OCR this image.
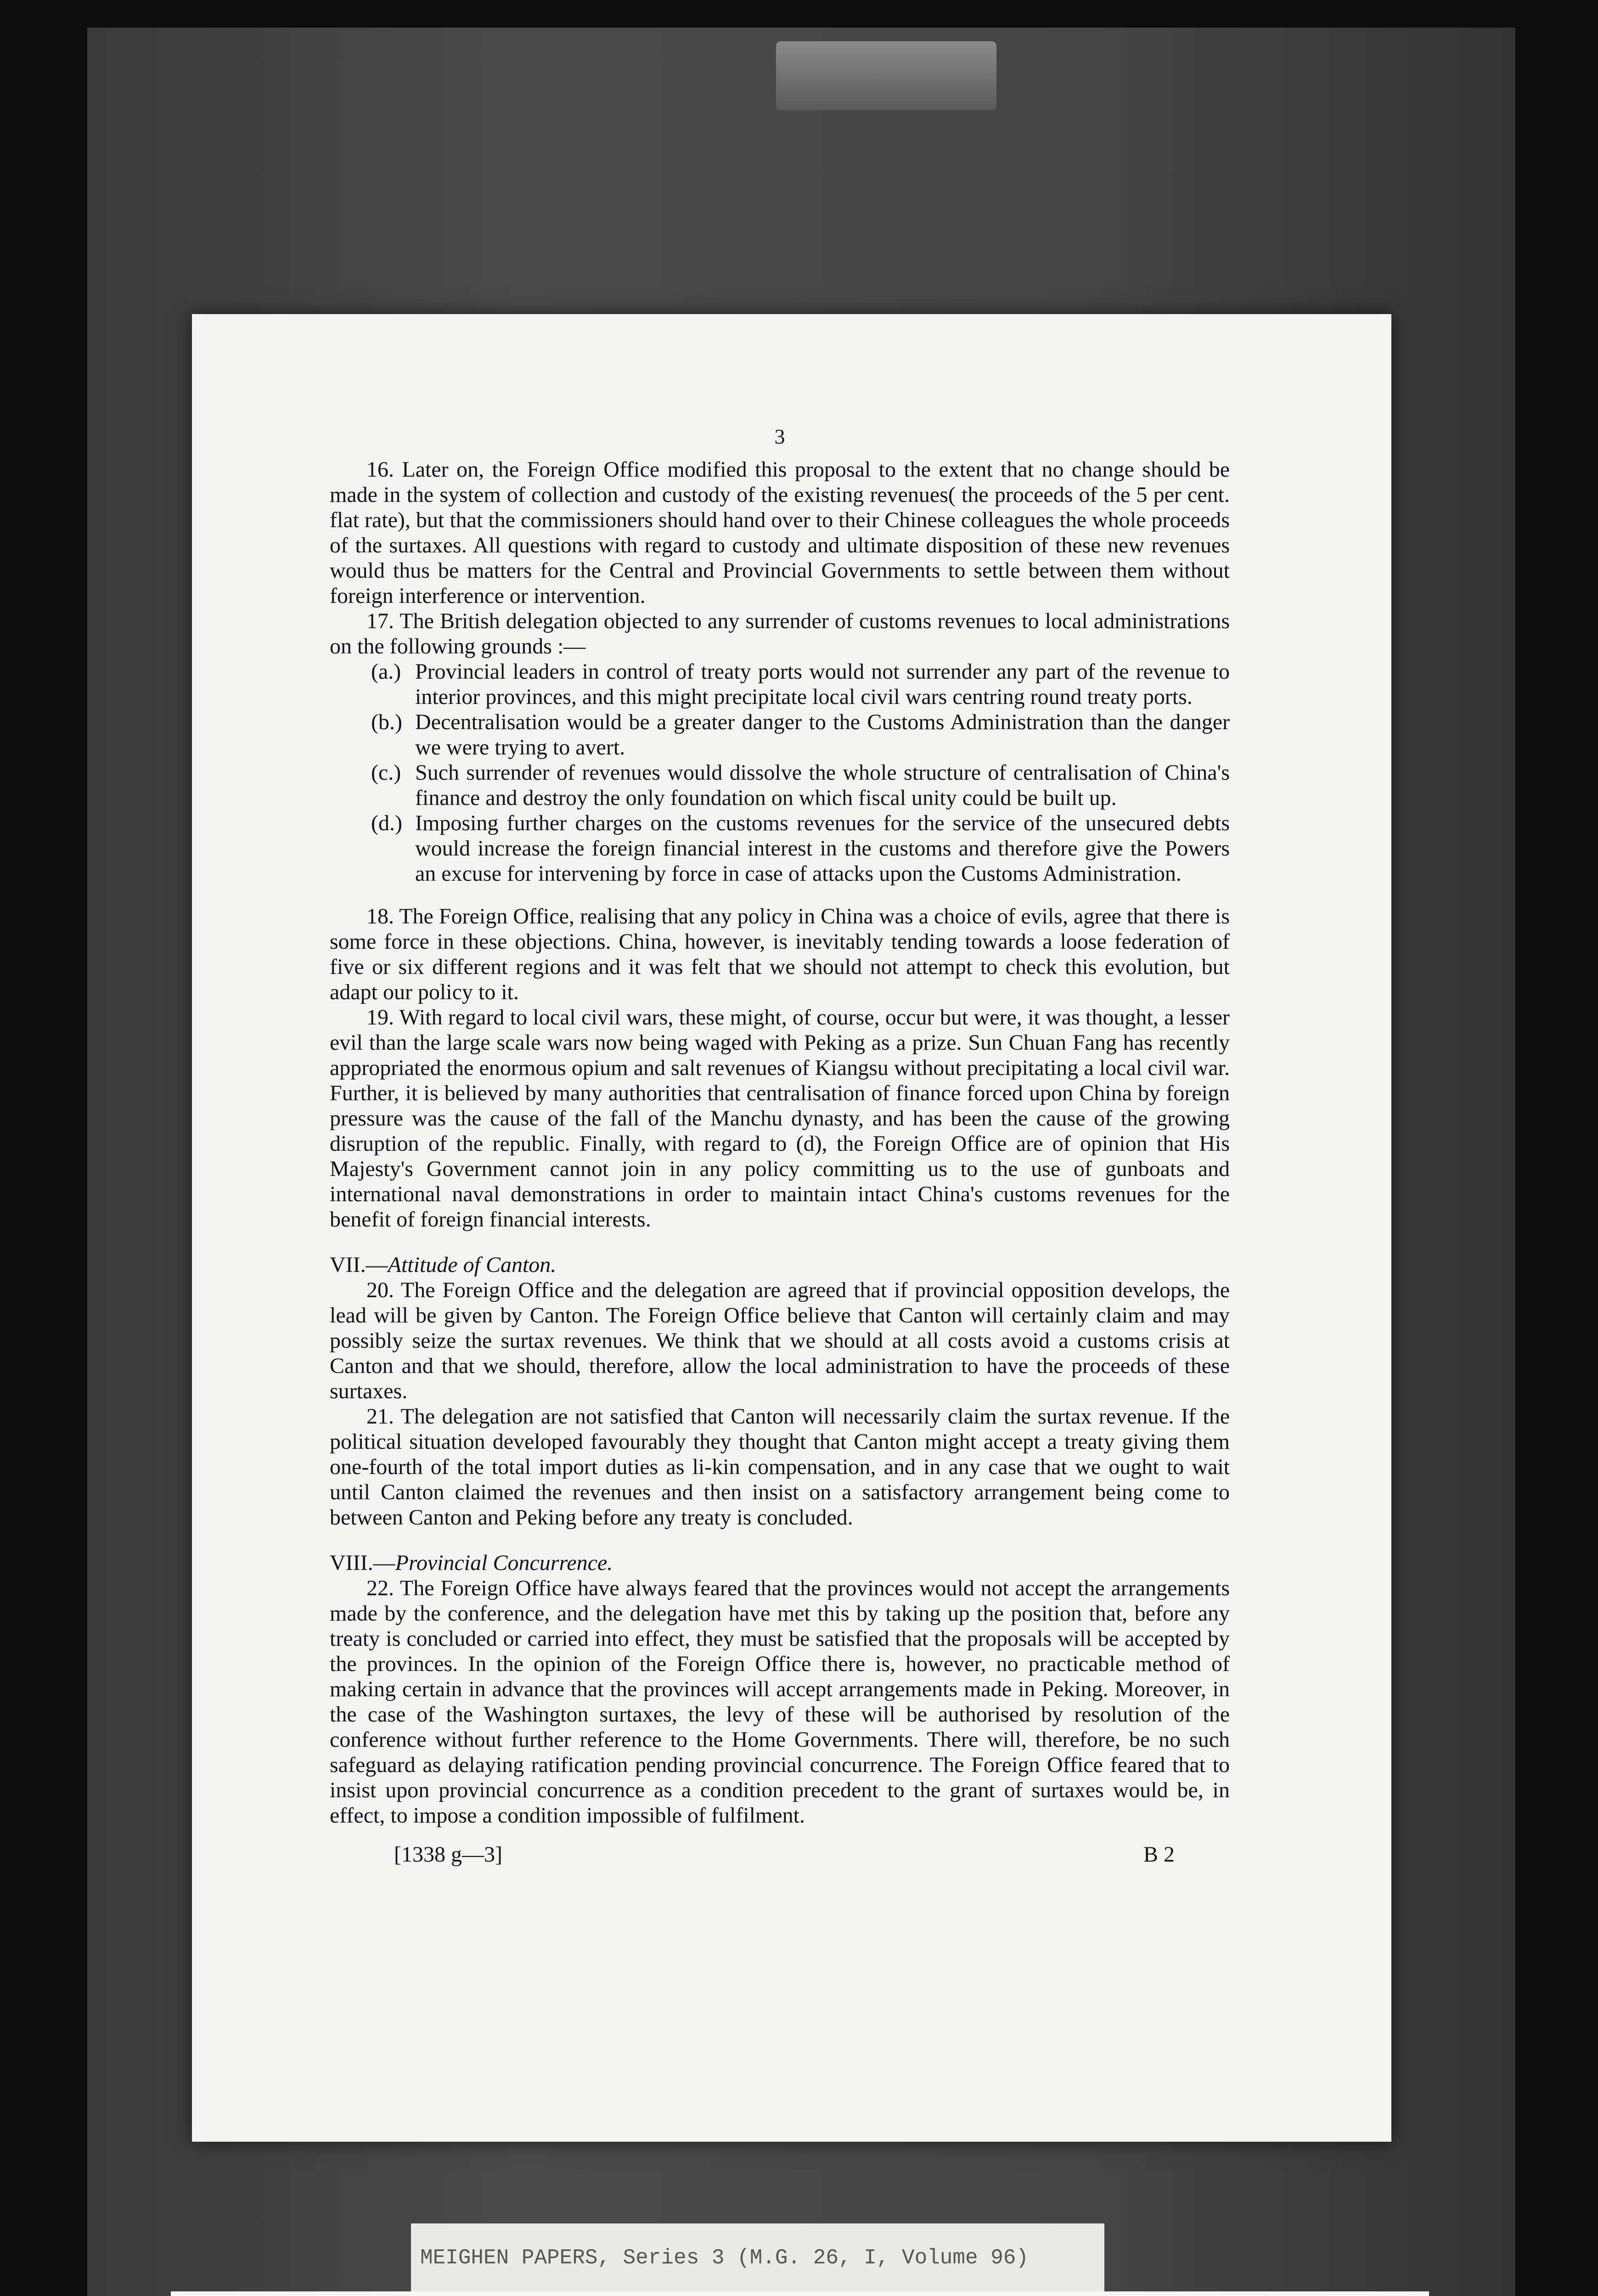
3

16. Later on, the Foreign Office modified this proposal to the extent that no change should be made in the system of collection and custody of the existing revenues( the proceeds of the 5 per cent. flat rate), but that the commissioners should hand over to their Chinese colleagues the whole proceeds of the surtaxes. All questions with regard to custody and ultimate disposition of these new revenues would thus be matters for the Central and Provincial Governments to settle between them without foreign interference or intervention.

17. The British delegation objected to any surrender of customs revenues to local administrations on the following grounds :—

(a.) Provincial leaders in control of treaty ports would not surrender any part of the revenue to interior provinces, and this might precipitate local civil wars centring round treaty ports.
(b.) Decentralisation would be a greater danger to the Customs Administration than the danger we were trying to avert.
(c.) Such surrender of revenues would dissolve the whole structure of centralisation of China's finance and destroy the only foundation on which fiscal unity could be built up.
(d.) Imposing further charges on the customs revenues for the service of the unsecured debts would increase the foreign financial interest in the customs and therefore give the Powers an excuse for intervening by force in case of attacks upon the Customs Administration.

18. The Foreign Office, realising that any policy in China was a choice of evils, agree that there is some force in these objections. China, however, is inevitably tending towards a loose federation of five or six different regions and it was felt that we should not attempt to check this evolution, but adapt our policy to it.

19. With regard to local civil wars, these might, of course, occur but were, it was thought, a lesser evil than the large scale wars now being waged with Peking as a prize. Sun Chuan Fang has recently appropriated the enormous opium and salt revenues of Kiangsu without precipitating a local civil war. Further, it is believed by many authorities that centralisation of finance forced upon China by foreign pressure was the cause of the fall of the Manchu dynasty, and has been the cause of the growing disruption of the republic. Finally, with regard to (d), the Foreign Office are of opinion that His Majesty's Government cannot join in any policy committing us to the use of gunboats and international naval demonstrations in order to maintain intact China's customs revenues for the benefit of foreign financial interests.

VII.—Attitude of Canton.

20. The Foreign Office and the delegation are agreed that if provincial opposition develops, the lead will be given by Canton. The Foreign Office believe that Canton will certainly claim and may possibly seize the surtax revenues. We think that we should at all costs avoid a customs crisis at Canton and that we should, therefore, allow the local administration to have the proceeds of these surtaxes.

21. The delegation are not satisfied that Canton will necessarily claim the surtax revenue. If the political situation developed favourably they thought that Canton might accept a treaty giving them one-fourth of the total import duties as li-kin compensation, and in any case that we ought to wait until Canton claimed the revenues and then insist on a satisfactory arrangement being come to between Canton and Peking before any treaty is concluded.

VIII.—Provincial Concurrence.

22. The Foreign Office have always feared that the provinces would not accept the arrangements made by the conference, and the delegation have met this by taking up the position that, before any treaty is concluded or carried into effect, they must be satisfied that the proposals will be accepted by the provinces. In the opinion of the Foreign Office there is, however, no practicable method of making certain in advance that the provinces will accept arrangements made in Peking. Moreover, in the case of the Washington surtaxes, the levy of these will be authorised by resolution of the conference without further reference to the Home Governments. There will, therefore, be no such safeguard as delaying ratification pending provincial concurrence. The Foreign Office feared that to insist upon provincial concurrence as a condition precedent to the grant of surtaxes would be, in effect, to impose a condition impossible of fulfilment.

[1338 g—3]	B 2
MEIGHEN PAPERS, Series 3 (M.G. 26, I, Volume 96)
